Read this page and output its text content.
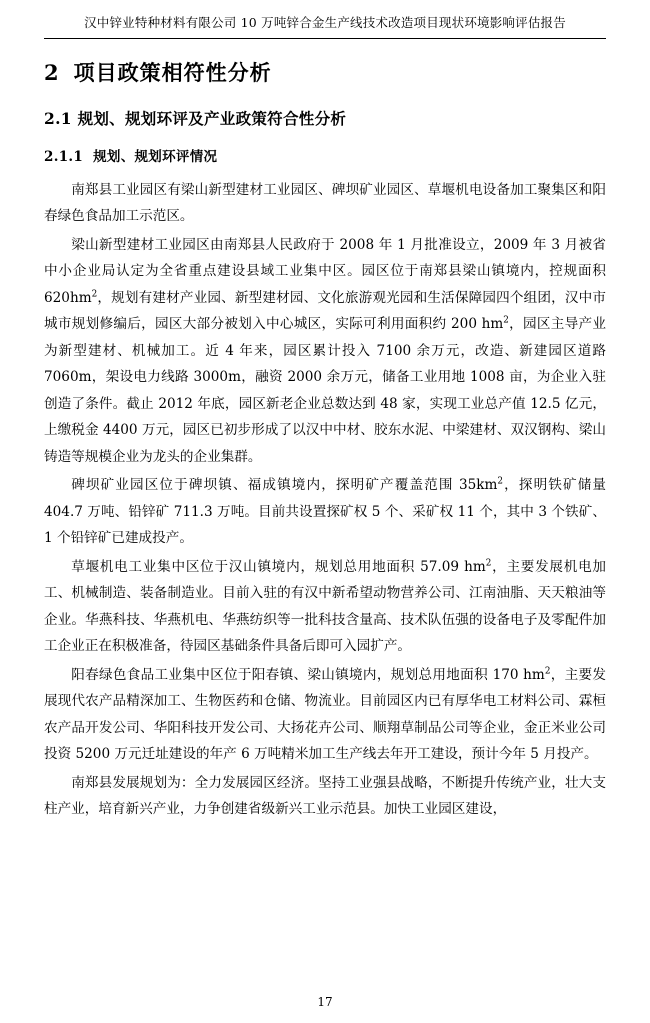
汉中锌业特种材料有限公司 10 万吨锌合金生产线技术改造项目现状环境影响评估报告
2 项目政策相符性分析
2.1 规划、规划环评及产业政策符合性分析
2.1.1 规划、规划环评情况

南郑县工业园区有梁山新型建材工业园区、碑坝矿业园区、草堰机电设备加工聚集区和阳春绿色食品加工示范区。

梁山新型建材工业园区由南郑县人民政府于 2008 年 1 月批准设立，2009 年 3 月被省中小企业局认定为全省重点建设县域工业集中区。园区位于南郑县梁山镇境内，控规面积 $620hm^2$，规划有建材产业园、新型建材园、文化旅游观光园和生活保障园四个组团，汉中市城市规划修编后，园区大部分被划入中心城区，实际可利用面积约 200 $hm^2$，园区主导产业为新型建材、机械加工。近 4 年来，园区累计投入 7100 余万元，改造、新建园区道路 7060m，架设电力线路 3000m，融资 2000 余万元，储备工业用地 1008 亩，为企业入驻创造了条件。截止 2012 年底，园区新老企业总数达到 48 家，实现工业总产值 12.5 亿元，上缴税金 4400 万元，园区已初步形成了以汉中中材、胶东水泥、中梁建材、双汉钢构、梁山铸造等规模企业为龙头的企业集群。

碑坝矿业园区位于碑坝镇、福成镇境内，探明矿产覆盖范围 $35km^2$，探明铁矿储量 404.7 万吨、铅锌矿 711.3 万吨。目前共设置探矿权 5 个、采矿权 11 个，其中 3 个铁矿、1 个铅锌矿已建成投产。

草堰机电工业集中区位于汉山镇境内，规划总用地面积 57.09 $hm^2$，主要发展机电加工、机械制造、装备制造业。目前入驻的有汉中新希望动物营养公司、江南油脂、天天粮油等企业。华燕科技、华燕机电、华燕纺织等一批科技含量高、技术队伍强的设备电子及零配件加工企业正在积极准备，待园区基础条件具备后即可入园扩产。

阳春绿色食品工业集中区位于阳春镇、梁山镇境内，规划总用地面积 170 $hm^2$，主要发展现代农产品精深加工、生物医药和仓储、物流业。目前园区内已有厚华电工材料公司、霖桓农产品开发公司、华阳科技开发公司、大扬花卉公司、顺翔草制品公司等企业，金正米业公司投资 5200 万元迁址建设的年产 6 万吨精米加工生产线去年开工建设，预计今年 5 月投产。

南郑县发展规划为：全力发展园区经济。坚持工业强县战略，不断提升传统产业，壮大支柱产业，培育新兴产业，力争创建省级新兴工业示范县。加快工业园区建设，

17
